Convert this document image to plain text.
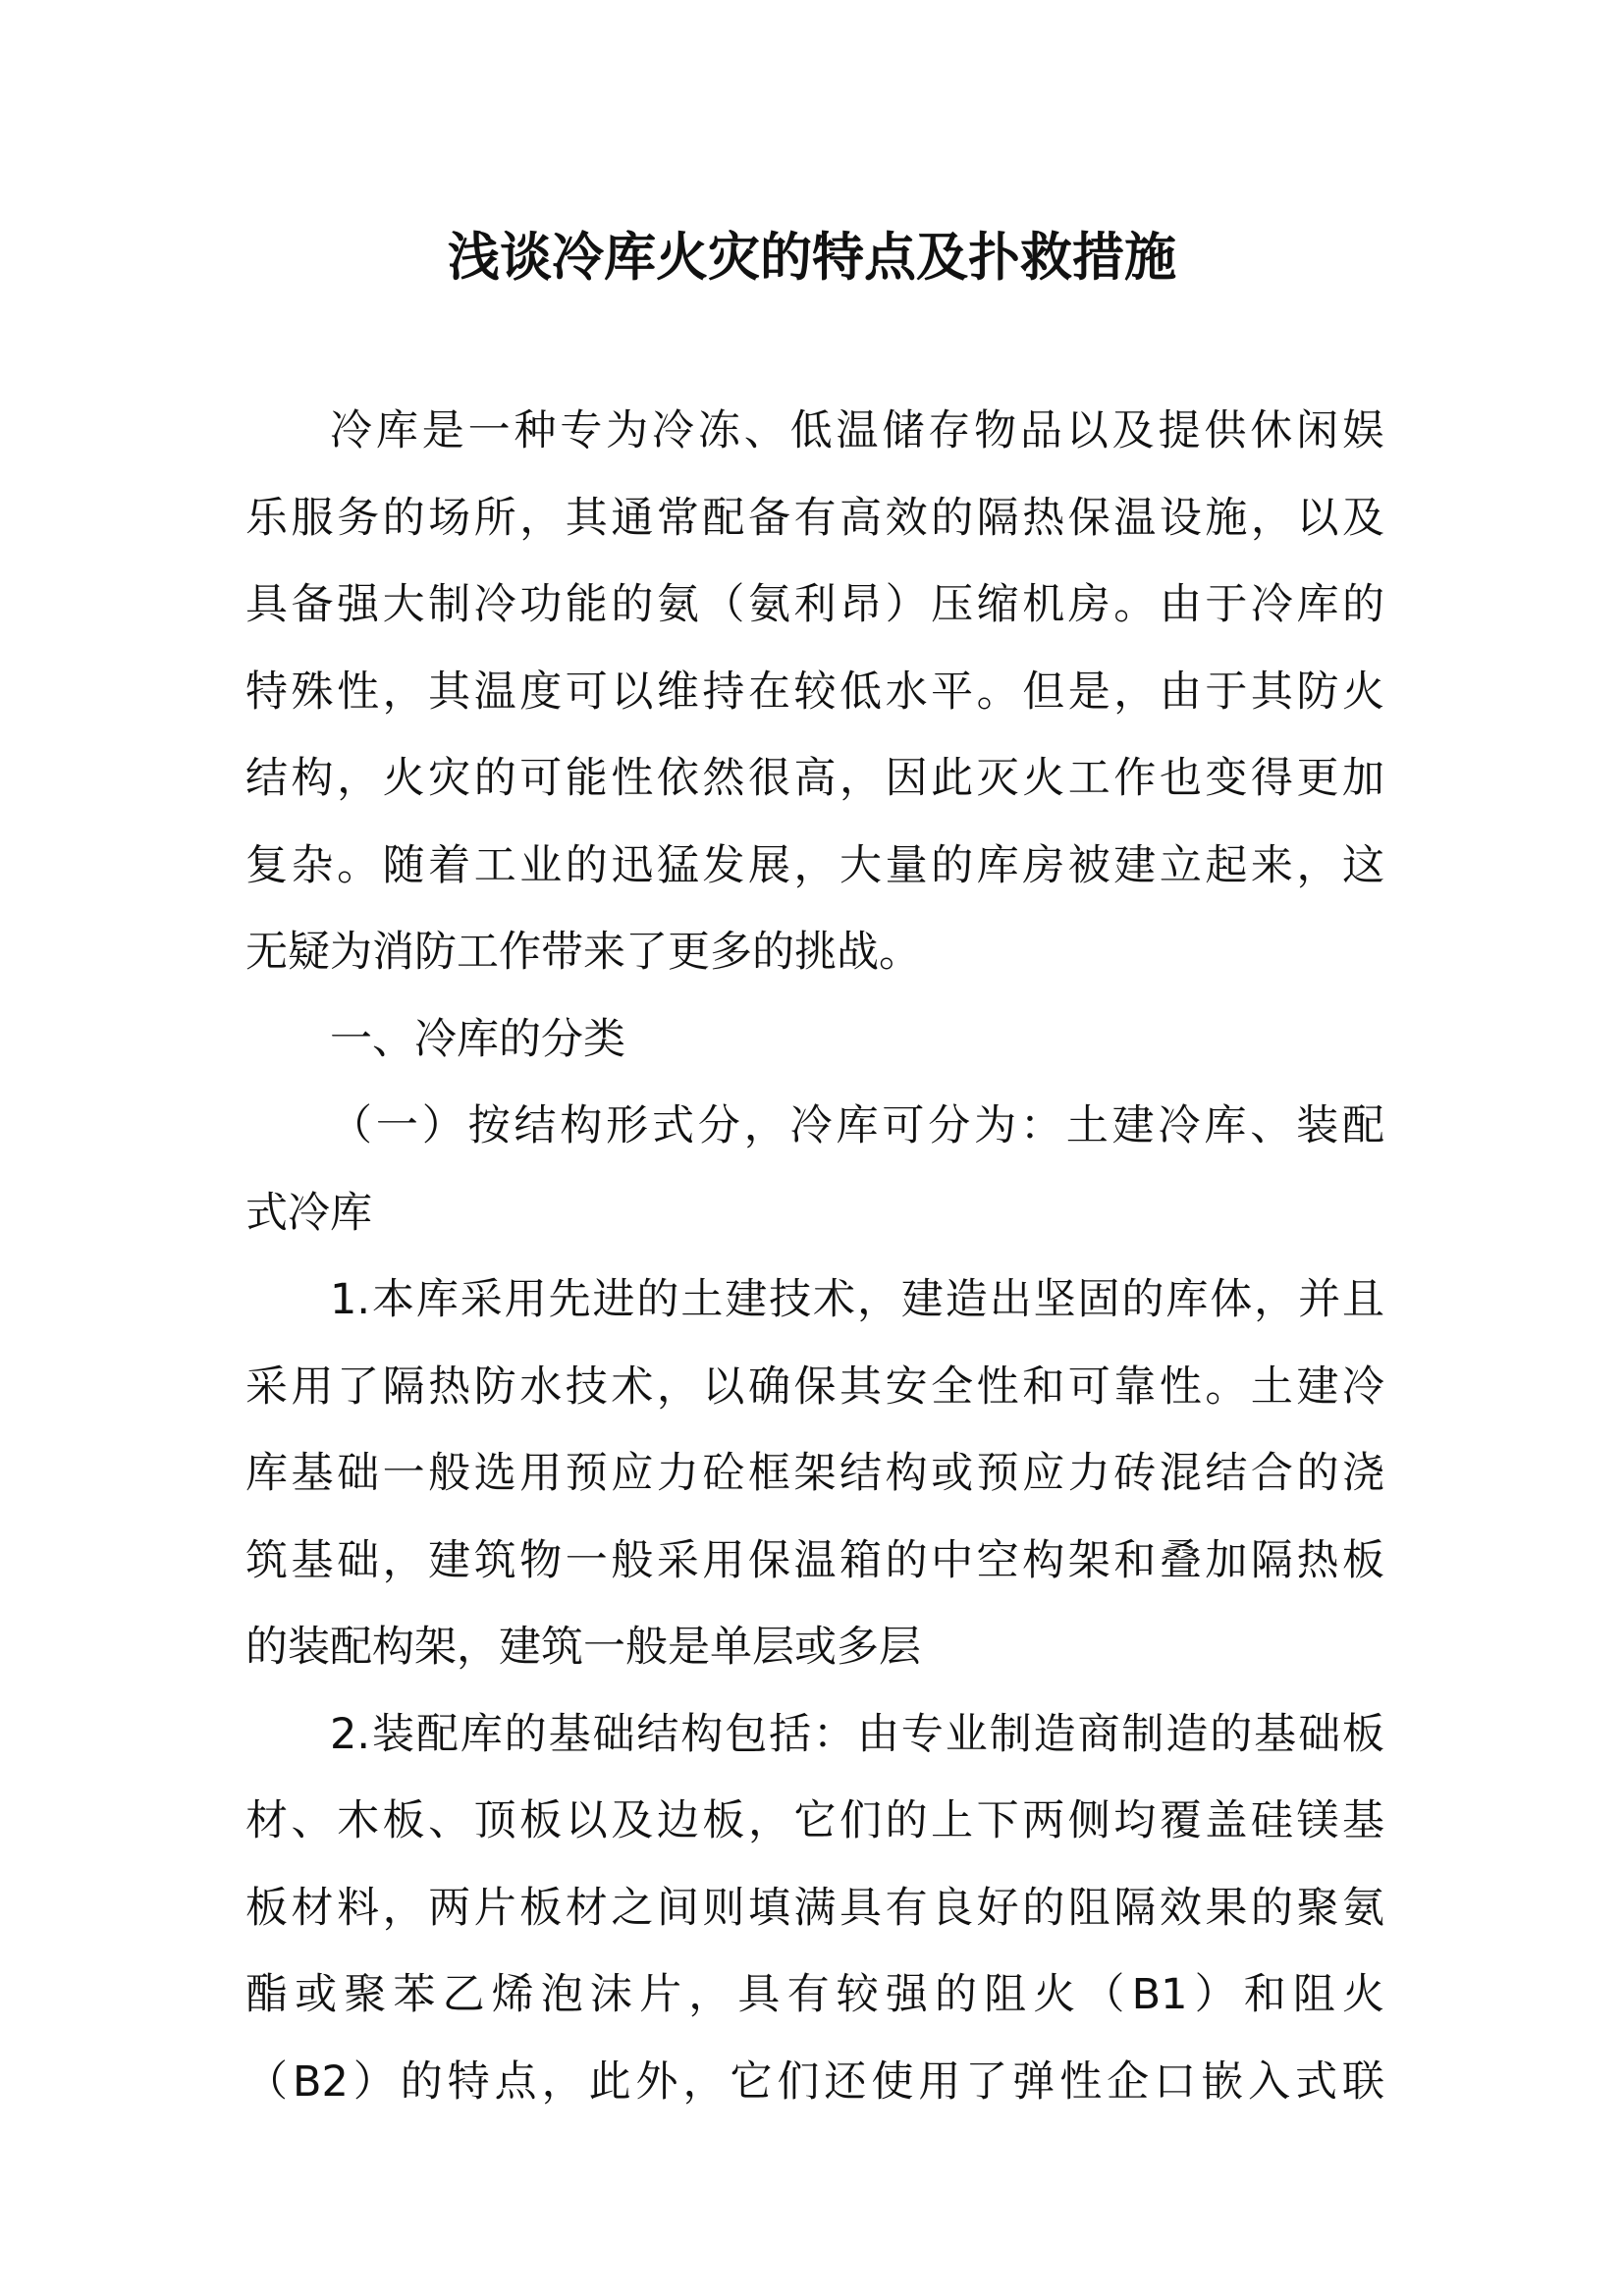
浅谈冷库火灾的特点及扑救措施
冷库是一种专为冷冻、低温储存物品以及提供休闲娱
乐服务的场所，其通常配备有高效的隔热保温设施，以及
具备强大制冷功能的氨（氨利昂）压缩机房。由于冷库的
特殊性，其温度可以维持在较低水平。但是，由于其防火
结构，火灾的可能性依然很高，因此灭火工作也变得更加
复杂。随着工业的迅猛发展，大量的库房被建立起来，这
无疑为消防工作带来了更多的挑战。
一、冷库的分类
（一）按结构形式分，冷库可分为：土建冷库、装配
式冷库
1.本库采用先进的土建技术，建造出坚固的库体，并且
采用了隔热防水技术，以确保其安全性和可靠性。土建冷
库基础一般选用预应力砼框架结构或预应力砖混结合的浇
筑基础，建筑物一般采用保温箱的中空构架和叠加隔热板
的装配构架，建筑一般是单层或多层
2.装配库的基础结构包括：由专业制造商制造的基础板
材、木板、顶板以及边板，它们的上下两侧均覆盖硅镁基
板材料，两片板材之间则填满具有良好的阻隔效果的聚氨
酯或聚苯乙烯泡沫片，具有较强的阻火（B1）和阻火
（B2）的特点，此外，它们还使用了弹性企口嵌入式联
